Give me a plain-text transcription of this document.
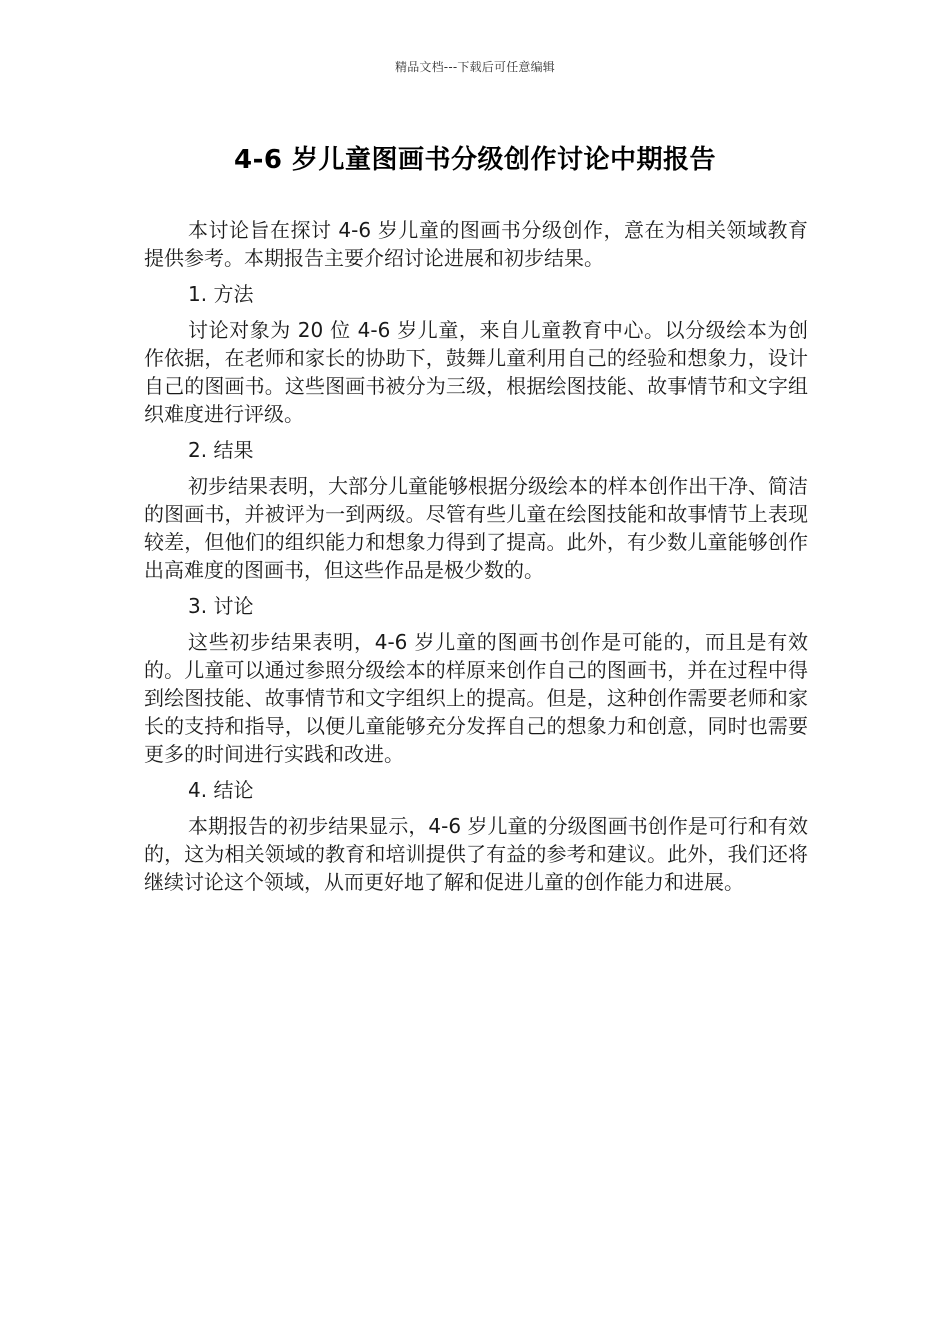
精品文档---下载后可任意编辑
4-6 岁儿童图画书分级创作讨论中期报告

本讨论旨在探讨 4-6 岁儿童的图画书分级创作，意在为相关领域教育提供参考。本期报告主要介绍讨论进展和初步结果。

1. 方法

讨论对象为 20 位 4-6 岁儿童，来自儿童教育中心。以分级绘本为创作依据，在老师和家长的协助下，鼓舞儿童利用自己的经验和想象力，设计自己的图画书。这些图画书被分为三级，根据绘图技能、故事情节和文字组织难度进行评级。

2. 结果

初步结果表明，大部分儿童能够根据分级绘本的样本创作出干净、简洁的图画书，并被评为一到两级。尽管有些儿童在绘图技能和故事情节上表现较差，但他们的组织能力和想象力得到了提高。此外，有少数儿童能够创作出高难度的图画书，但这些作品是极少数的。

3. 讨论

这些初步结果表明，4-6 岁儿童的图画书创作是可能的，而且是有效的。儿童可以通过参照分级绘本的样原来创作自己的图画书，并在过程中得到绘图技能、故事情节和文字组织上的提高。但是，这种创作需要老师和家长的支持和指导，以便儿童能够充分发挥自己的想象力和创意，同时也需要更多的时间进行实践和改进。

4. 结论

本期报告的初步结果显示，4-6 岁儿童的分级图画书创作是可行和有效的，这为相关领域的教育和培训提供了有益的参考和建议。此外，我们还将继续讨论这个领域，从而更好地了解和促进儿童的创作能力和进展。
